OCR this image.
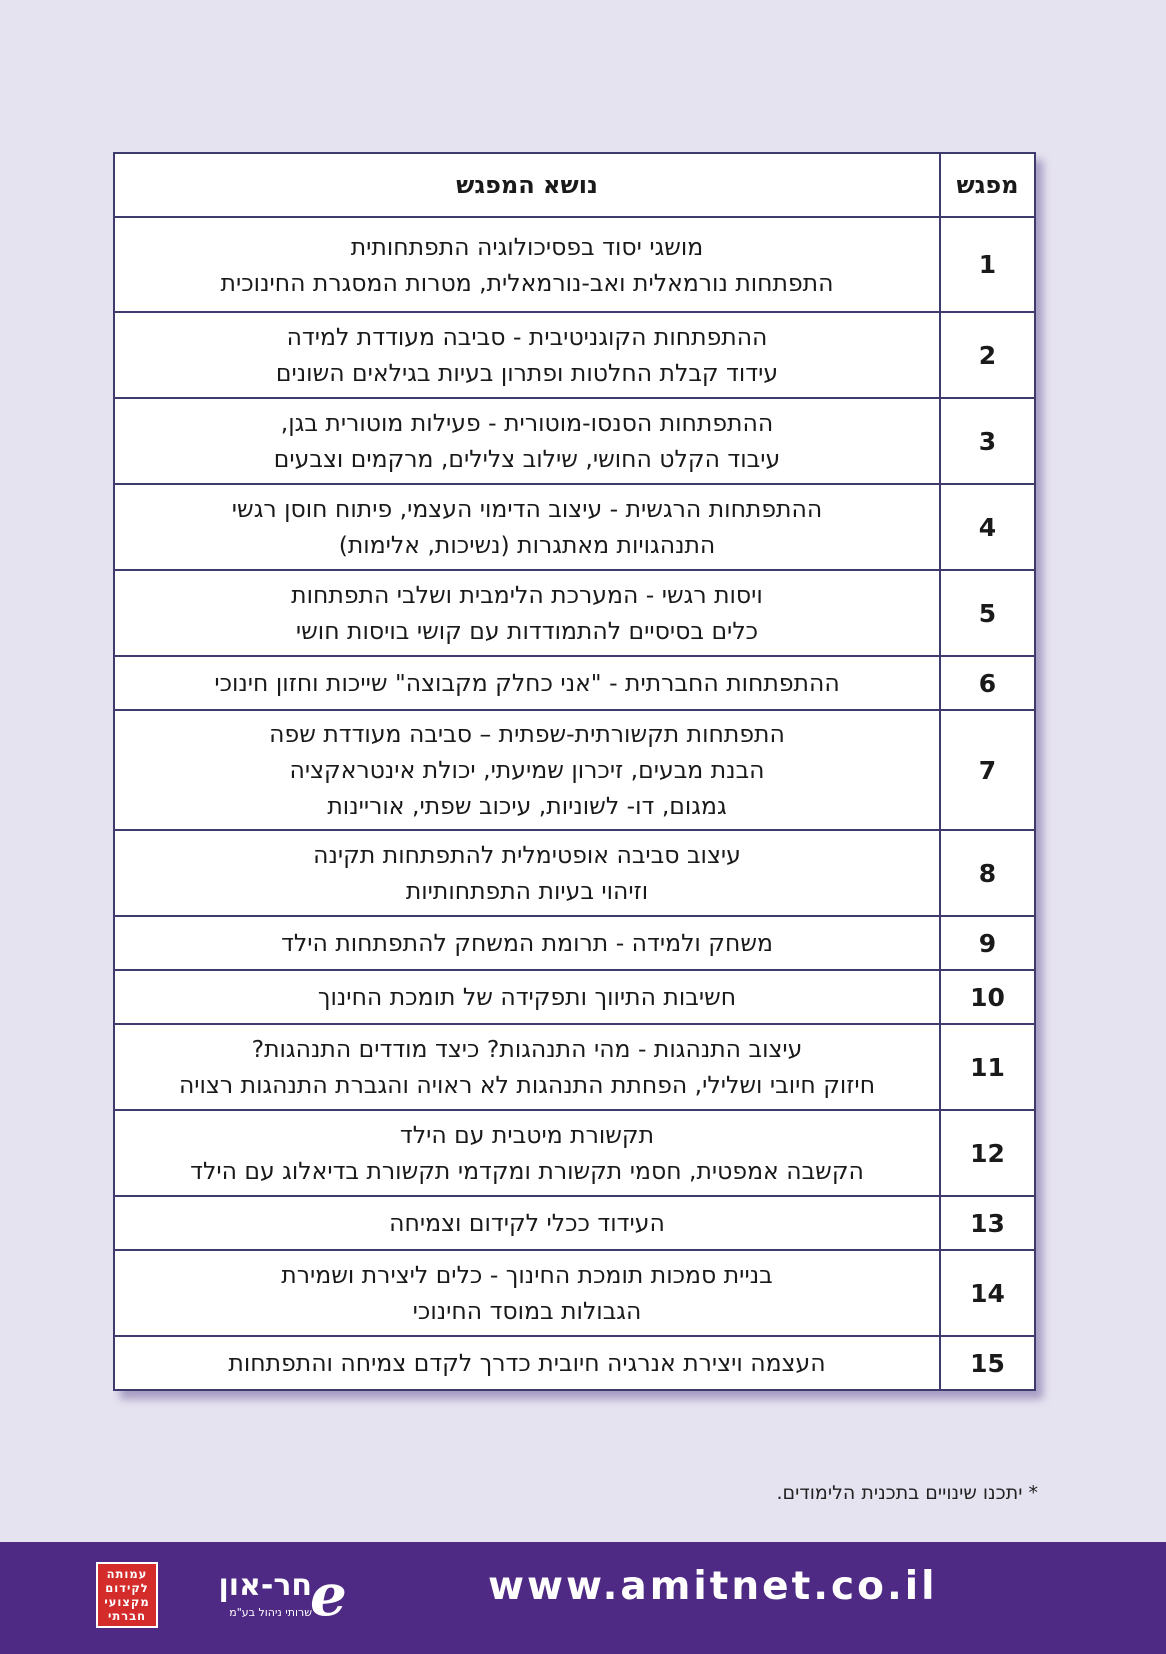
מפגש	נושא המפגש
1	מושגי יסוד בפסיכולוגיה התפתחותית
התפתחות נורמאלית ואב-נורמאלית, מטרות המסגרת החינוכית

2	ההתפתחות הקוגניטיבית - סביבה מעודדת למידה
עידוד קבלת החלטות ופתרון בעיות בגילאים השונים

3	ההתפתחות הסנסו-מוטורית - פעילות מוטורית בגן,
עיבוד הקלט החושי, שילוב צלילים, מרקמים וצבעים

4	ההתפתחות הרגשית - עיצוב הדימוי העצמי, פיתוח חוסן רגשי
התנהגויות מאתגרות (נשיכות, אלימות)

5	ויסות רגשי - המערכת הלימבית ושלבי התפתחות
כלים בסיסיים להתמודדות עם קושי בויסות חושי

6	ההתפתחות החברתית - "אני כחלק מקבוצה" שייכות וחזון חינוכי

7	התפתחות תקשורתית-שפתית – סביבה מעודדת שפה
הבנת מבעים, זיכרון שמיעתי, יכולת אינטראקציה
גמגום, דו- לשוניות, עיכוב שפתי, אוריינות

8	עיצוב סביבה אופטימלית להתפתחות תקינה
וזיהוי בעיות התפתחותיות

9	משחק ולמידה - תרומת המשחק להתפתחות הילד

10	חשיבות התיווך ותפקידה של תומכת החינוך

11	עיצוב התנהגות - מהי התנהגות? כיצד מודדים התנהגות?
חיזוק חיובי ושלילי, הפחתת התנהגות לא ראויה והגברת התנהגות רצויה

12	תקשורת מיטבית עם הילד
הקשבה אמפטית, חסמי תקשורת ומקדמי תקשורת בדיאלוג עם הילד

13	העידוד ככלי לקידום וצמיחה

14	בניית סמכות תומכת החינוך - כלים ליצירת ושמירת
הגבולות במוסד החינוכי

15	העצמה ויצירת אנרגיה חיובית כדרך לקדם צמיחה והתפתחות
* יתכנו שינויים בתכנית הלימודים.
עמותה
לקידום
מקצועי
חברתי	e
חר-און
שרותי ניהול בע"מ
www.amitnet.co.il
